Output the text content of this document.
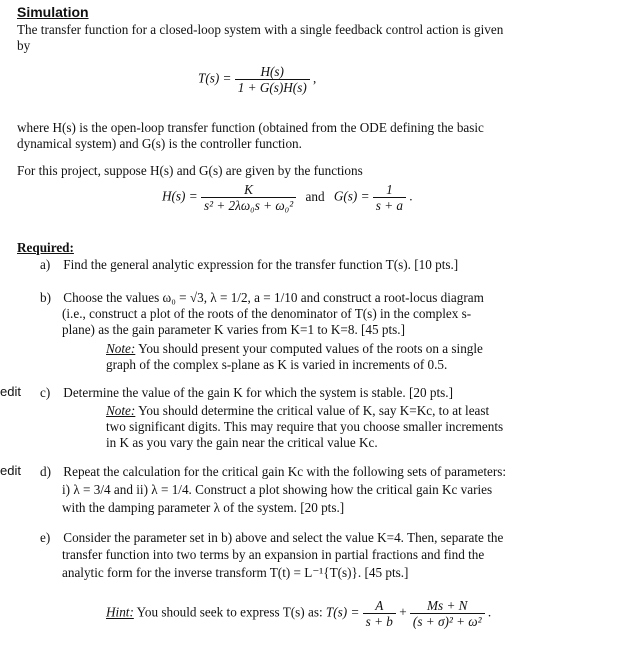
Simulation
The transfer function for a closed-loop system with a single feedback control action is given
by
$T(s) = \frac{H(s)}{1 + G(s)H(s)}$ ,
where H(s) is the open-loop transfer function (obtained from the ODE defining the basic
dynamical system) and G(s) is the controller function.
For this project, suppose H(s) and G(s) are given by the functions
$H(s) = \frac{K}{\text{s² + 2λω₀s + ω₀²}}$ and $G(s) = \frac{1}{s + a}$ .
Required:
a) Find the general analytic expression for the transfer function T(s). [10 pts.]
b) Choose the values ω₀ = √3, λ = 1/2, a = 1/10 and construct a root-locus diagram
(i.e., construct a plot of the roots of the denominator of T(s) in the complex s-
plane) as the gain parameter K varies from K=1 to K=8. [45 pts.]
Note: You should present your computed values of the roots on a single
graph of the complex s-plane as K is varied in increments of 0.5.
edit c) Determine the value of the gain K for which the system is stable. [20 pts.]
Note: You should determine the critical value of K, say K=Kc, to at least
two significant digits. This may require that you choose smaller increments
in K as you vary the gain near the critical value Kc.
edit d) Repeat the calculation for the critical gain Kc with the following sets of parameters:
i) λ = 3/4 and ii) λ = 1/4. Construct a plot showing how the critical gain Kc varies
with the damping parameter λ of the system. [20 pts.]
e) Consider the parameter set in b) above and select the value K=4. Then, separate the
transfer function into two terms by an expansion in partial fractions and find the
analytic form for the inverse transform T(t) = L⁻¹{T(s)}. [45 pts.]
Hint: You should seek to express T(s) as: $T(s) = \frac{A}{s + b} + \frac{Ms + N}{\text{(s + σ)² + ω²}}$ .
